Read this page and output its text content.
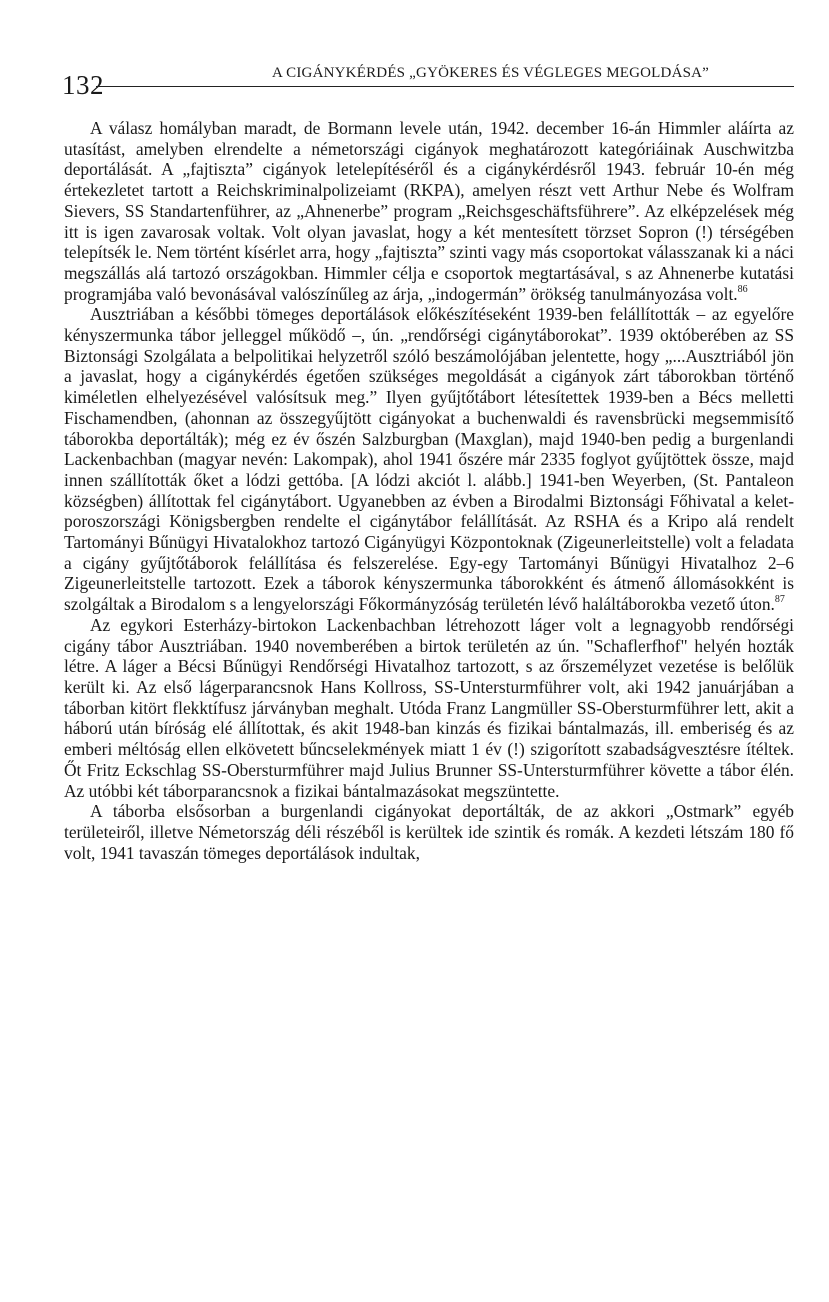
132	A CIGÁNYKÉRDÉS „GYÖKERES ÉS VÉGLEGES MEGOLDÁSA”

A válasz homályban maradt, de Bormann levele után, 1942. december 16-án Himmler aláírta az utasítást, amelyben elrendelte a németországi cigányok meghatározott kategóriáinak Auschwitzba deportálását. A „fajtiszta” cigányok letelepítéséről és a cigánykérdésről 1943. február 10-én még értekezletet tartott a Reichskriminalpolizeiamt (RKPA), amelyen részt vett Arthur Nebe és Wolfram Sievers, SS Standartenführer, az „Ahnenerbe” program „Reichsgeschäftsführere”. Az elképzelések még itt is igen zavarosak voltak. Volt olyan javaslat, hogy a két mentesített törzset Sopron (!) térségében telepítsék le. Nem történt kísérlet arra, hogy „fajtiszta” szinti vagy más csoportokat válasszanak ki a náci megszállás alá tartozó országokban. Himmler célja e csoportok megtartásával, s az Ahnenerbe kutatási programjába való bevonásával valószínűleg az árja, „indogermán” örökség tanulmányozása volt.$^{86}$

Ausztriában a későbbi tömeges deportálások előkészítéseként 1939-ben felállították – az egyelőre kényszermunka tábor jelleggel működő –, ún. „rendőrségi cigánytáborokat”. 1939 októberében az SS Biztonsági Szolgálata a belpolitikai helyzetről szóló beszámolójában jelentette, hogy „...Ausztriából jön a javaslat, hogy a cigánykérdés égetően szükséges megoldását a cigányok zárt táborokban történő kiméletlen elhelyezésével valósítsuk meg.” Ilyen gyűjtőtábort létesítettek 1939-ben a Bécs melletti Fischamendben, (ahonnan az összegyűjtött cigányokat a buchenwaldi és ravensbrücki megsemmisítő táborokba deportálták); még ez év őszén Salzburgban (Maxglan), majd 1940-ben pedig a burgenlandi Lackenbachban (magyar nevén: Lakompak), ahol 1941 őszére már 2335 foglyot gyűjtöttek össze, majd innen szállították őket a lódzi gettóba. [A lódzi akciót l. alább.] 1941-ben Weyerben, (St. Pantaleon községben) állítottak fel cigánytábort. Ugyanebben az évben a Birodalmi Biztonsági Főhivatal a kelet-poroszországi Königsbergben rendelte el cigánytábor felállítását. Az RSHA és a Kripo alá rendelt Tartományi Bűnügyi Hivatalokhoz tartozó Cigányügyi Központoknak (Zigeunerleitstelle) volt a feladata a cigány gyűjtőtáborok felállítása és felszerelése. Egy-egy Tartományi Bűnügyi Hivatalhoz 2–6 Zigeunerleitstelle tartozott. Ezek a táborok kényszermunka táborokként és átmenő állomásokként is szolgáltak a Birodalom s a lengyelországi Főkormányzóság területén lévő haláltáborokba vezető úton.$^{87}$

Az egykori Esterházy-birtokon Lackenbachban létrehozott láger volt a legnagyobb rendőrségi cigány tábor Ausztriában. 1940 novemberében a birtok területén az ún. "Schaflerfhof" helyén hozták létre. A láger a Bécsi Bűnügyi Rendőrségi Hivatalhoz tartozott, s az őrszemélyzet vezetése is belőlük került ki. Az első lágerparancsnok Hans Kollross, SS-Untersturmführer volt, aki 1942 januárjában a táborban kitört flekktífusz járványban meghalt. Utóda Franz Langmüller SS-Obersturmführer lett, akit a háború után bíróság elé állítottak, és akit 1948-ban kinzás és fizikai bántalmazás, ill. emberiség és az emberi méltóság ellen elkövetett bűncselekmények miatt 1 év (!) szigorított szabadságvesztésre ítéltek. Őt Fritz Eckschlag SS-Obersturmführer majd Julius Brunner SS-Untersturmführer követte a tábor élén. Az utóbbi két táborparancsnok a fizikai bántalmazásokat megszüntette.

A táborba elsősorban a burgenlandi cigányokat deportálták, de az akkori „Ostmark” egyéb területeiről, illetve Németország déli részéből is kerültek ide szintik és romák. A kezdeti létszám 180 fő volt, 1941 tavaszán tömeges deportálások indultak,
